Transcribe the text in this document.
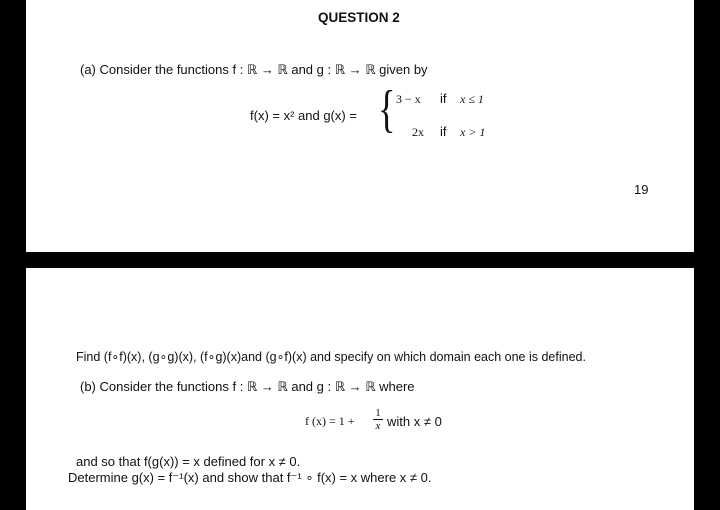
QUESTION 2
(a) Consider the functions f : ℝ → ℝ and g : ℝ → ℝ given by
f(x) = x² and g(x) = { 3 − x if x ≤ 1
2x if x > 1
19
Find (f∘f)(x), (g∘g)(x), (f∘g)(x)and (g∘f)(x) and specify on which domain each one is defined.
(b) Consider the functions f : ℝ → ℝ and g : ℝ → ℝ where
f $(x) = 1 + \frac{1}{x}$ with x ≠ 0
and so that f(g(x)) = x defined for x ≠ 0.
Determine g(x) = f⁻¹(x) and show that f⁻¹ ∘ f(x) = x where x ≠ 0.
